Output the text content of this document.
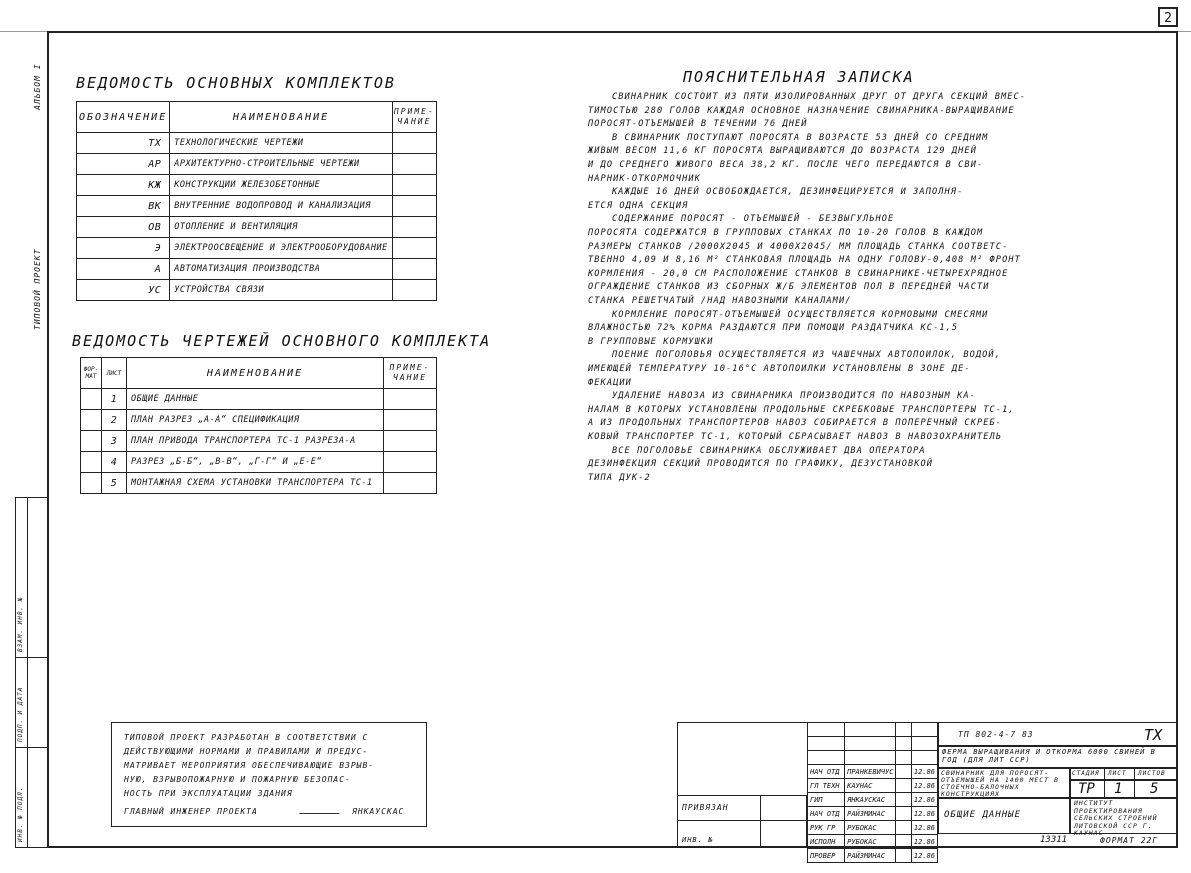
2
АЛЬБОМ I
ТИПОВОЙ ПРОЕКТ
ИНВ. № ПОДЛ.
ПОДП. И ДАТА
ВЗАМ. ИНВ. №
ВЕДОМОСТЬ ОСНОВНЫХ КОМПЛЕКТОВ
ОБОЗНАЧЕНИЕ	НАИМЕНОВАНИЕ	ПРИМЕ-
ЧАНИЕ
ТХ	ТЕХНОЛОГИЧЕСКИЕ ЧЕРТЕЖИ	
АР	АРХИТЕКТУРНО-СТРОИТЕЛЬНЫЕ ЧЕРТЕЖИ	
КЖ	КОНСТРУКЦИИ ЖЕЛЕЗОБЕТОННЫЕ	
ВК	ВНУТРЕННИЕ ВОДОПРОВОД И КАНАЛИЗАЦИЯ	
ОВ	ОТОПЛЕНИЕ И ВЕНТИЛЯЦИЯ	
Э	ЭЛЕКТРООСВЕЩЕНИЕ И ЭЛЕКТРООБОРУДОВАНИЕ	
А	АВТОМАТИЗАЦИЯ ПРОИЗВОДСТВА	
УС	УСТРОЙСТВА СВЯЗИ	
ВЕДОМОСТЬ ЧЕРТЕЖЕЙ ОСНОВНОГО КОМПЛЕКТА
ФОР-
МАТ	ЛИСТ	НАИМЕНОВАНИЕ	ПРИМЕ-
ЧАНИЕ
	1	ОБЩИЕ ДАННЫЕ	
	2	ПЛАН РАЗРЕЗ „А-А“ СПЕЦИФИКАЦИЯ	
	3	ПЛАН ПРИВОДА ТРАНСПОРТЕРА ТС-1 РАЗРЕЗА-А	
	4	РАЗРЕЗ „Б-Б“, „В-В“, „Г-Г“ И „Е-Е“	
	5	МОНТАЖНАЯ СХЕМА УСТАНОВКИ ТРАНСПОРТЕРА ТС-1	
ПОЯСНИТЕЛЬНАЯ ЗАПИСКА
СВИНАРНИК СОСТОИТ ИЗ ПЯТИ ИЗОЛИРОВАННЫХ ДРУГ ОТ ДРУГА СЕКЦИЙ ВМЕС-
ТИМОСТЬЮ 280 ГОЛОВ КАЖДАЯ ОСНОВНОЕ НАЗНАЧЕНИЕ СВИНАРНИКА-ВЫРАЩИВАНИЕ
ПОРОСЯТ-ОТЪЕМЫШЕЙ В ТЕЧЕНИИ 76 ДНЕЙ
В СВИНАРНИК ПОСТУПАЮТ ПОРОСЯТА В ВОЗРАСТЕ 53 ДНЕЙ СО СРЕДНИМ
ЖИВЫМ ВЕСОМ 11,6 КГ ПОРОСЯТА ВЫРАЩИВАЮТСЯ ДО ВОЗРАСТА 129 ДНЕЙ
И ДО СРЕДНЕГО ЖИВОГО ВЕСА 38,2 КГ. ПОСЛЕ ЧЕГО ПЕРЕДАЮТСЯ В СВИ-
НАРНИК-ОТКОРМОЧНИК
КАЖДЫЕ 16 ДНЕЙ ОСВОБОЖДАЕТСЯ, ДЕЗИНФЕЦИРУЕТСЯ И ЗАПОЛНЯ-
ЕТСЯ ОДНА СЕКЦИЯ
СОДЕРЖАНИЕ ПОРОСЯТ - ОТЪЕМЫШЕЙ - БЕЗВЫГУЛЬНОЕ
ПОРОСЯТА СОДЕРЖАТСЯ В ГРУППОВЫХ СТАНКАХ ПО 10-20 ГОЛОВ В КАЖДОМ
РАЗМЕРЫ СТАНКОВ /2000Х2045 И 4000Х2045/ ММ ПЛОЩАДЬ СТАНКА СООТВЕТС-
ТВЕННО 4,09 И 8,16 М² СТАНКОВАЯ ПЛОЩАДЬ НА ОДНУ ГОЛОВУ-0,408 М² ФРОНТ
КОРМЛЕНИЯ - 20,0 СМ РАСПОЛОЖЕНИЕ СТАНКОВ В СВИНАРНИКЕ-ЧЕТЫРЕХРЯДНОЕ
ОГРАЖДЕНИЕ СТАНКОВ ИЗ СБОРНЫХ Ж/Б ЭЛЕМЕНТОВ ПОЛ В ПЕРЕДНЕЙ ЧАСТИ
СТАНКА РЕШЕТЧАТЫЙ /НАД НАВОЗНЫМИ КАНАЛАМИ/
КОРМЛЕНИЕ ПОРОСЯТ-ОТЪЕМЫШЕЙ ОСУЩЕСТВЛЯЕТСЯ КОРМОВЫМИ СМЕСЯМИ
ВЛАЖНОСТЬЮ 72% КОРМА РАЗДАЮТСЯ ПРИ ПОМОЩИ РАЗДАТЧИКА КС-1,5
В ГРУППОВЫЕ КОРМУШКИ
ПОЕНИЕ ПОГОЛОВЬЯ ОСУЩЕСТВЛЯЕТСЯ ИЗ ЧАШЕЧНЫХ АВТОПОИЛОК, ВОДОЙ,
ИМЕЮЩЕЙ ТЕМПЕРАТУРУ 10-16°С АВТОПОИЛКИ УСТАНОВЛЕНЫ В ЗОНЕ ДЕ-
ФЕКАЦИИ
УДАЛЕНИЕ НАВОЗА ИЗ СВИНАРНИКА ПРОИЗВОДИТСЯ ПО НАВОЗНЫМ КА-
НАЛАМ В КОТОРЫХ УСТАНОВЛЕНЫ ПРОДОЛЬНЫЕ СКРЕБКОВЫЕ ТРАНСПОРТЕРЫ ТС-1,
А ИЗ ПРОДОЛЬНЫХ ТРАНСПОРТЕРОВ НАВОЗ СОБИРАЕТСЯ В ПОПЕРЕЧНЫЙ СКРЕБ-
КОВЫЙ ТРАНСПОРТЕР ТС-1, КОТОРЫЙ СБРАСЫВАЕТ НАВОЗ В НАВОЗОХРАНИТЕЛЬ
ВСЕ ПОГОЛОВЬЕ СВИНАРНИКА ОБСЛУЖИВАЕТ ДВА ОПЕРАТОРА
ДЕЗИНФЕКЦИЯ СЕКЦИЙ ПРОВОДИТСЯ ПО ГРАФИКУ, ДЕЗУСТАНОВКОЙ
ТИПА ДУК-2
ТИПОВОЙ ПРОЕКТ РАЗРАБОТАН В СООТВЕТСТВИИ С
ДЕЙСТВУЮЩИМИ НОРМАМИ И ПРАВИЛАМИ И ПРЕДУС-
МАТРИВАЕТ МЕРОПРИЯТИЯ ОБЕСПЕЧИВАЮЩИЕ ВЗРЫВ-
НУЮ, ВЗРЫВОПОЖАРНУЮ И ПОЖАРНУЮ БЕЗОПАС-
НОСТЬ ПРИ ЭКСПЛУАТАЦИИ ЗДАНИЯ
ГЛАВНЫЙ ИНЖЕНЕР ПРОЕКТА	ЯНКАУСКАС	ПРИВЯЗАН
ИНВ. №

НАЧ ОТД	ПРАНКЕВИЧУС		12.86
ГЛ ТЕХН	КАУНАС		12.86
ГИП	ЯНКАУСКАС		12.86
НАЧ ОТД	РАЙЗМИНАС		12.86
РУК ГР	РУБОКАС		12.86
ИСПОЛН	РУБОКАС		12.86
ПРОВЕР	РАЙЗМИНАС		12.86
ТП 802-4-7 83	ТХ
ФЕРМА ВЫРАЩИВАНИЯ И ОТКОРМА 6000 СВИНЕЙ В ГОД (ДЛЯ ЛИТ ССР)
СВИНАРНИК ДЛЯ ПОРОСЯТ-ОТЪЕМЫШЕЙ НА 1400 МЕСТ В СТОЕЧНО-БАЛОЧНЫХ КОНСТРУКЦИЯХ
ОБЩИЕ ДАННЫЕ
СТАДИЯ ЛИСТ ЛИСТОВ
ТР 1 5
ИНСТИТУТ ПРОЕКТИРОВАНИЯ СЕЛЬСКИХ СТРОЕНИЙ ЛИТОВСКОЙ ССР Г. КАУНАС
13311	ФОРМАТ 22Г
